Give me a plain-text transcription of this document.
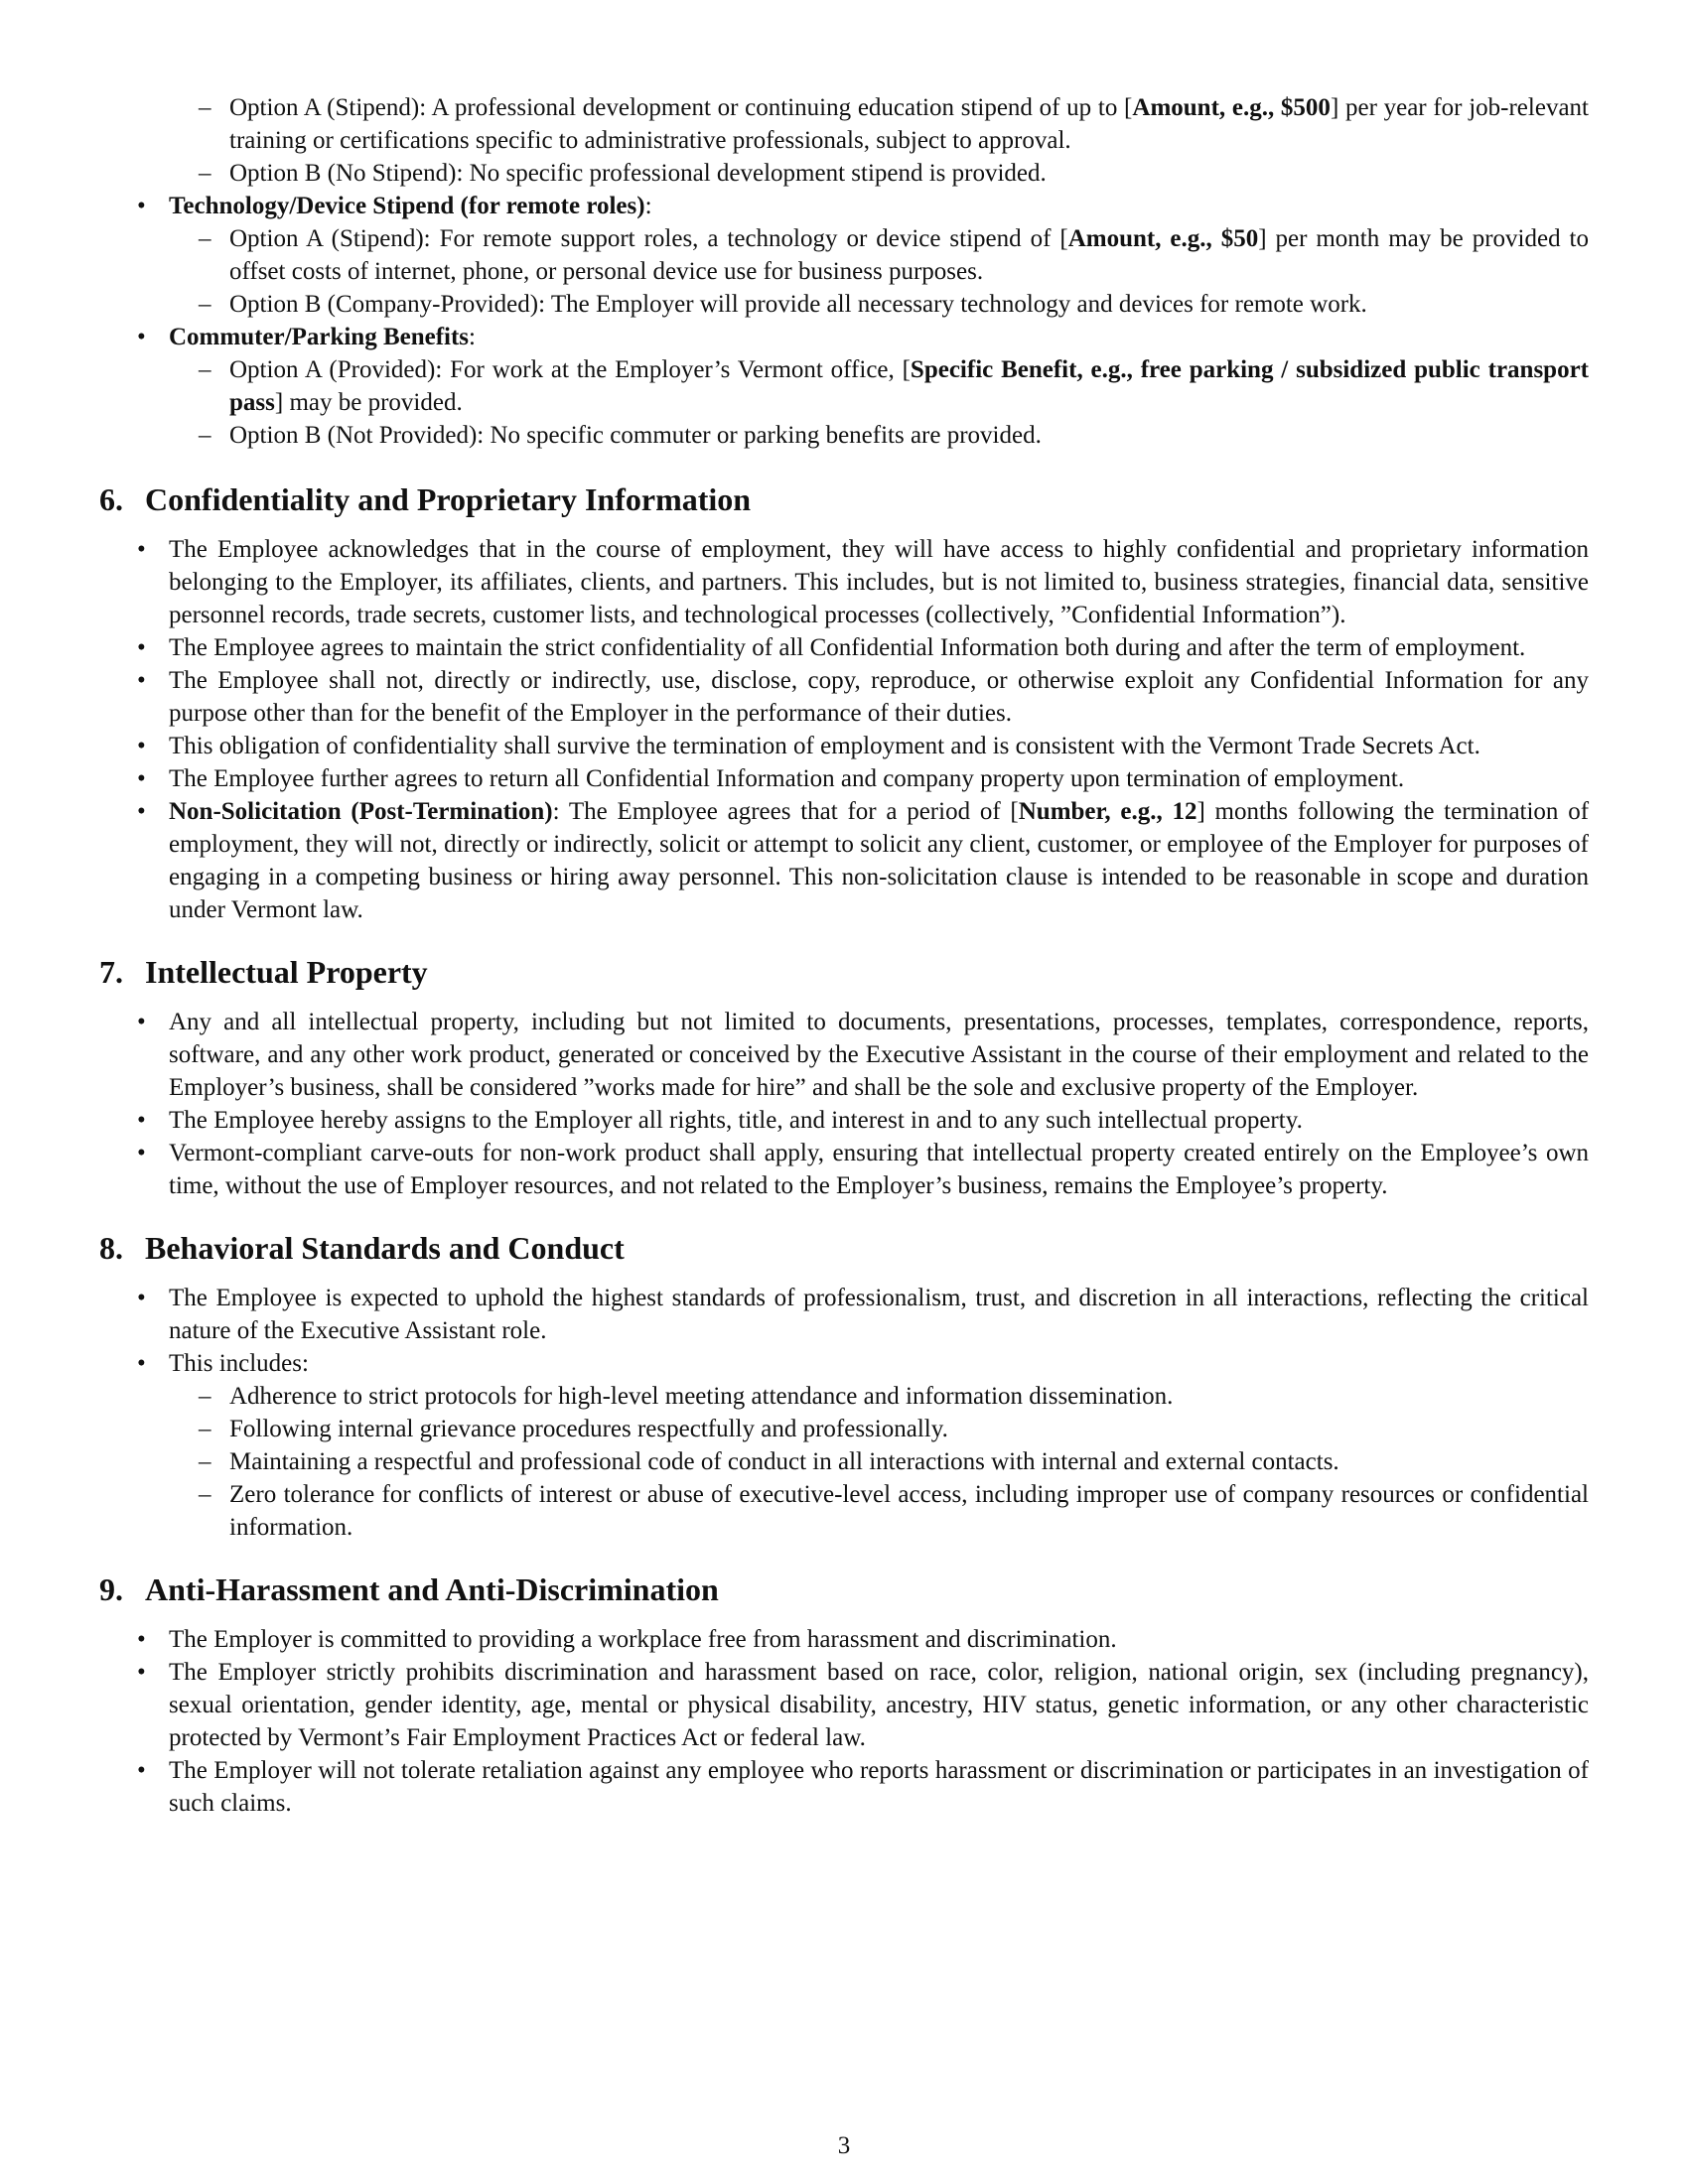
– Option A (Stipend): A professional development or continuing education stipend of up to [Amount, e.g., $500] per year for job-relevant training or certifications specific to administrative professionals, subject to approval.
– Option B (No Stipend): No specific professional development stipend is provided.
• Technology/Device Stipend (for remote roles):
– Option A (Stipend): For remote support roles, a technology or device stipend of [Amount, e.g., $50] per month may be provided to offset costs of internet, phone, or personal device use for business purposes.
– Option B (Company-Provided): The Employer will provide all necessary technology and devices for remote work.
• Commuter/Parking Benefits:
– Option A (Provided): For work at the Employer’s Vermont office, [Specific Benefit, e.g., free parking / subsidized public transport pass] may be provided.
– Option B (Not Provided): No specific commuter or parking benefits are provided.
6. Confidentiality and Proprietary Information
• The Employee acknowledges that in the course of employment, they will have access to highly confidential and proprietary information belonging to the Employer, its affiliates, clients, and partners. This includes, but is not limited to, business strategies, financial data, sensitive personnel records, trade secrets, customer lists, and technological processes (collectively, ”Confidential Information”).
• The Employee agrees to maintain the strict confidentiality of all Confidential Information both during and after the term of employment.
• The Employee shall not, directly or indirectly, use, disclose, copy, reproduce, or otherwise exploit any Confidential Information for any purpose other than for the benefit of the Employer in the performance of their duties.
• This obligation of confidentiality shall survive the termination of employment and is consistent with the Vermont Trade Secrets Act.
• The Employee further agrees to return all Confidential Information and company property upon termination of employment.
• Non-Solicitation (Post-Termination): The Employee agrees that for a period of [Number, e.g., 12] months following the termination of employment, they will not, directly or indirectly, solicit or attempt to solicit any client, customer, or employee of the Employer for purposes of engaging in a competing business or hiring away personnel. This non-solicitation clause is intended to be reasonable in scope and duration under Vermont law.
7. Intellectual Property
• Any and all intellectual property, including but not limited to documents, presentations, processes, templates, correspondence, reports, software, and any other work product, generated or conceived by the Executive Assistant in the course of their employment and related to the Employer’s business, shall be considered ”works made for hire” and shall be the sole and exclusive property of the Employer.
• The Employee hereby assigns to the Employer all rights, title, and interest in and to any such intellectual property.
• Vermont-compliant carve-outs for non-work product shall apply, ensuring that intellectual property created entirely on the Employee’s own time, without the use of Employer resources, and not related to the Employer’s business, remains the Employee’s property.
8. Behavioral Standards and Conduct
• The Employee is expected to uphold the highest standards of professionalism, trust, and discretion in all interactions, reflecting the critical nature of the Executive Assistant role.
• This includes:
– Adherence to strict protocols for high-level meeting attendance and information dissemination.
– Following internal grievance procedures respectfully and professionally.
– Maintaining a respectful and professional code of conduct in all interactions with internal and external contacts.
– Zero tolerance for conflicts of interest or abuse of executive-level access, including improper use of company resources or confidential information.
9. Anti-Harassment and Anti-Discrimination
• The Employer is committed to providing a workplace free from harassment and discrimination.
• The Employer strictly prohibits discrimination and harassment based on race, color, religion, national origin, sex (including pregnancy), sexual orientation, gender identity, age, mental or physical disability, ancestry, HIV status, genetic information, or any other characteristic protected by Vermont’s Fair Employment Practices Act or federal law.
• The Employer will not tolerate retaliation against any employee who reports harassment or discrimination or participates in an investigation of such claims.
3
